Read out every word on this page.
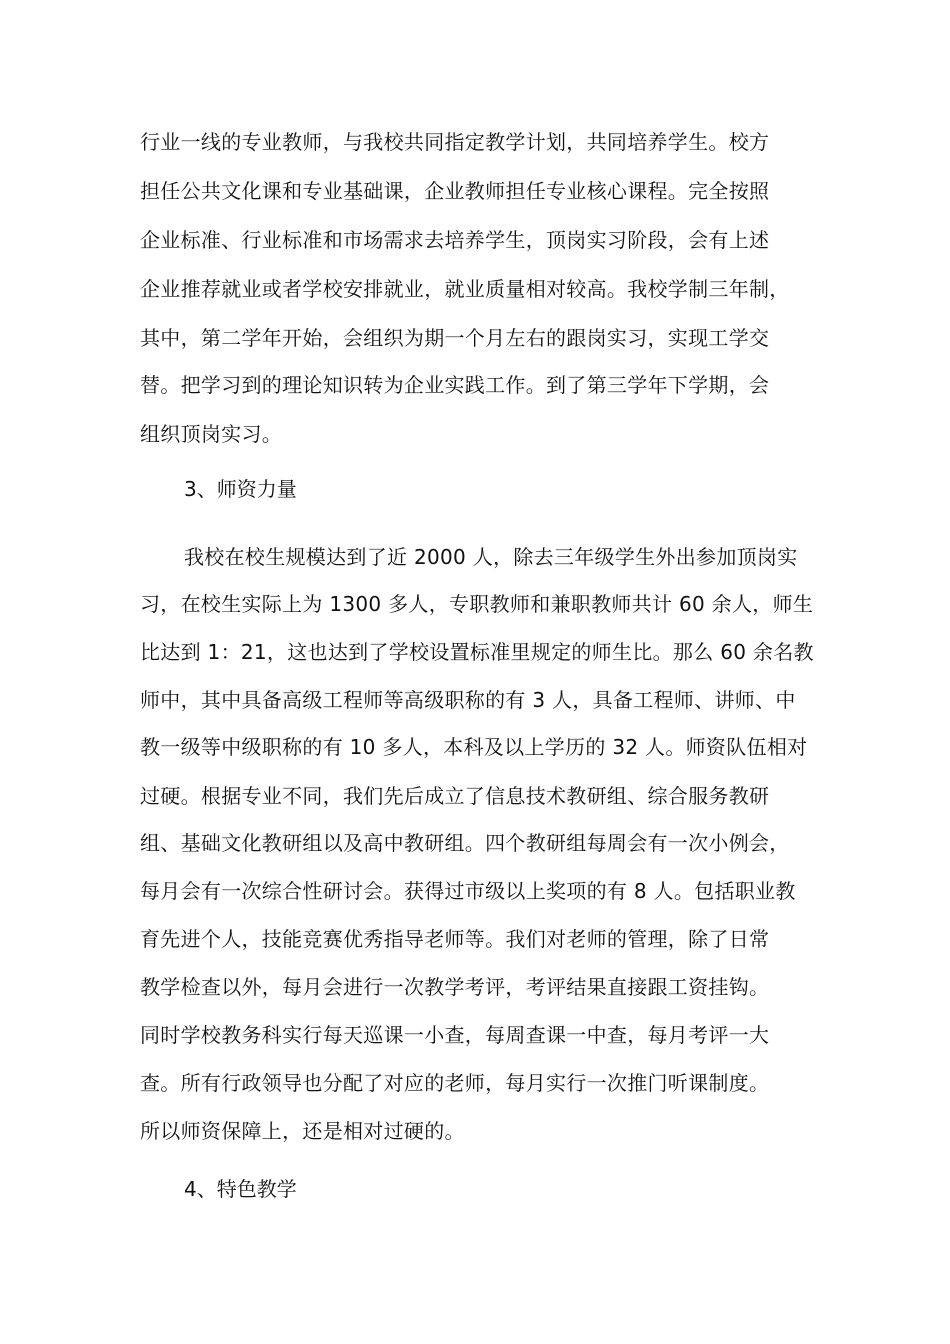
行业一线的专业教师，与我校共同指定教学计划，共同培养学生。校方
担任公共文化课和专业基础课，企业教师担任专业核心课程。完全按照
企业标准、行业标准和市场需求去培养学生，顶岗实习阶段，会有上述
企业推荐就业或者学校安排就业，就业质量相对较高。我校学制三年制，
其中，第二学年开始，会组织为期一个月左右的跟岗实习，实现工学交
替。把学习到的理论知识转为企业实践工作。到了第三学年下学期，会
组织顶岗实习。
3、师资力量
我校在校生规模达到了近 2000 人，除去三年级学生外出参加顶岗实
习，在校生实际上为 1300 多人，专职教师和兼职教师共计 60 余人，师生
比达到 1：21，这也达到了学校设置标准里规定的师生比。那么 60 余名教
师中，其中具备高级工程师等高级职称的有 3 人，具备工程师、讲师、中
教一级等中级职称的有 10 多人，本科及以上学历的 32 人。师资队伍相对
过硬。根据专业不同，我们先后成立了信息技术教研组、综合服务教研
组、基础文化教研组以及高中教研组。四个教研组每周会有一次小例会，
每月会有一次综合性研讨会。获得过市级以上奖项的有 8 人。包括职业教
育先进个人，技能竞赛优秀指导老师等。我们对老师的管理，除了日常
教学检查以外，每月会进行一次教学考评，考评结果直接跟工资挂钩。
同时学校教务科实行每天巡课一小查，每周查课一中查，每月考评一大
查。所有行政领导也分配了对应的老师，每月实行一次推门听课制度。
所以师资保障上，还是相对过硬的。
4、特色教学
